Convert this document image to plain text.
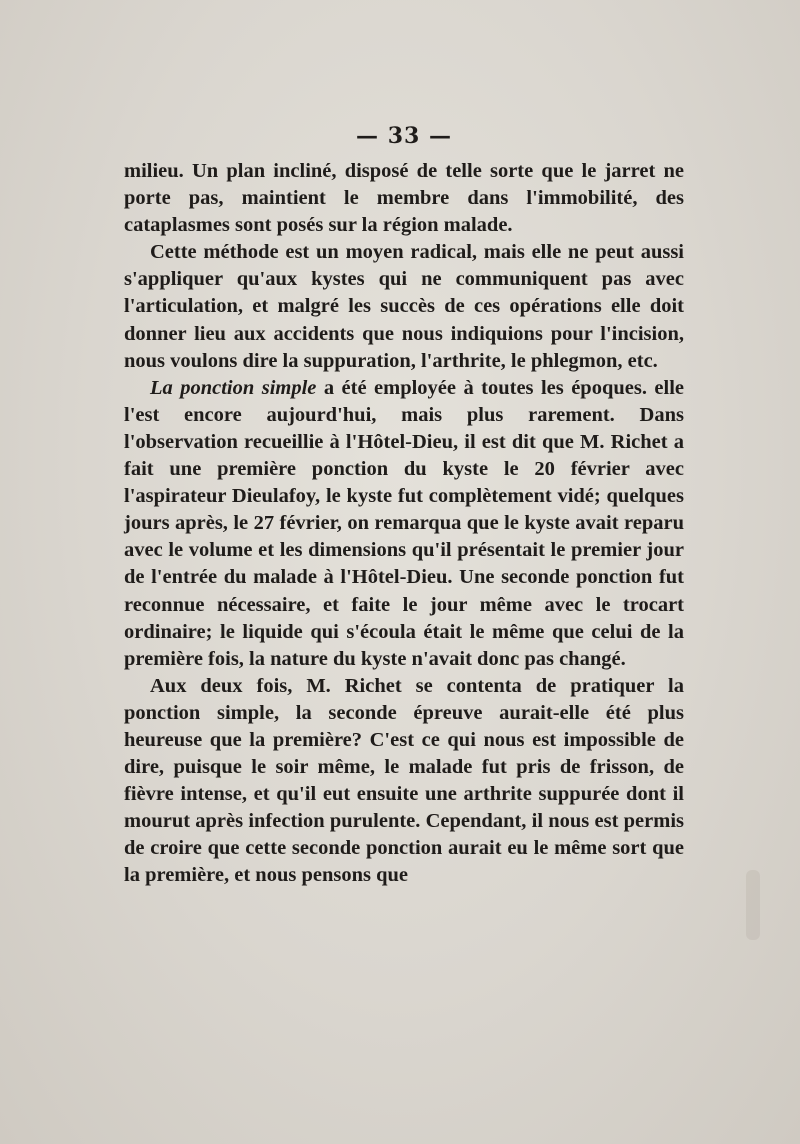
— 33 —

milieu. Un plan incliné, disposé de telle sorte que le jarret ne porte pas, maintient le membre dans l'immobilité, des cataplasmes sont posés sur la région malade.

Cette méthode est un moyen radical, mais elle ne peut aussi s'appliquer qu'aux kystes qui ne communiquent pas avec l'articulation, et malgré les succès de ces opérations elle doit donner lieu aux accidents que nous indiquions pour l'incision, nous voulons dire la suppuration, l'arthrite, le phlegmon, etc.

La ponction simple a été employée à toutes les époques. elle l'est encore aujourd'hui, mais plus rarement. Dans l'observation recueillie à l'Hôtel-Dieu, il est dit que M. Richet a fait une première ponction du kyste le 20 février avec l'aspirateur Dieulafoy, le kyste fut complètement vidé; quelques jours après, le 27 février, on remarqua que le kyste avait reparu avec le volume et les dimensions qu'il présentait le premier jour de l'entrée du malade à l'Hôtel-Dieu. Une seconde ponction fut reconnue nécessaire, et faite le jour même avec le trocart ordinaire; le liquide qui s'écoula était le même que celui de la première fois, la nature du kyste n'avait donc pas changé.

Aux deux fois, M. Richet se contenta de pratiquer la ponction simple, la seconde épreuve aurait-elle été plus heureuse que la première? C'est ce qui nous est impossible de dire, puisque le soir même, le malade fut pris de frisson, de fièvre intense, et qu'il eut ensuite une arthrite suppurée dont il mourut après infection purulente. Cependant, il nous est permis de croire que cette seconde ponction aurait eu le même sort que la première, et nous pensons que
